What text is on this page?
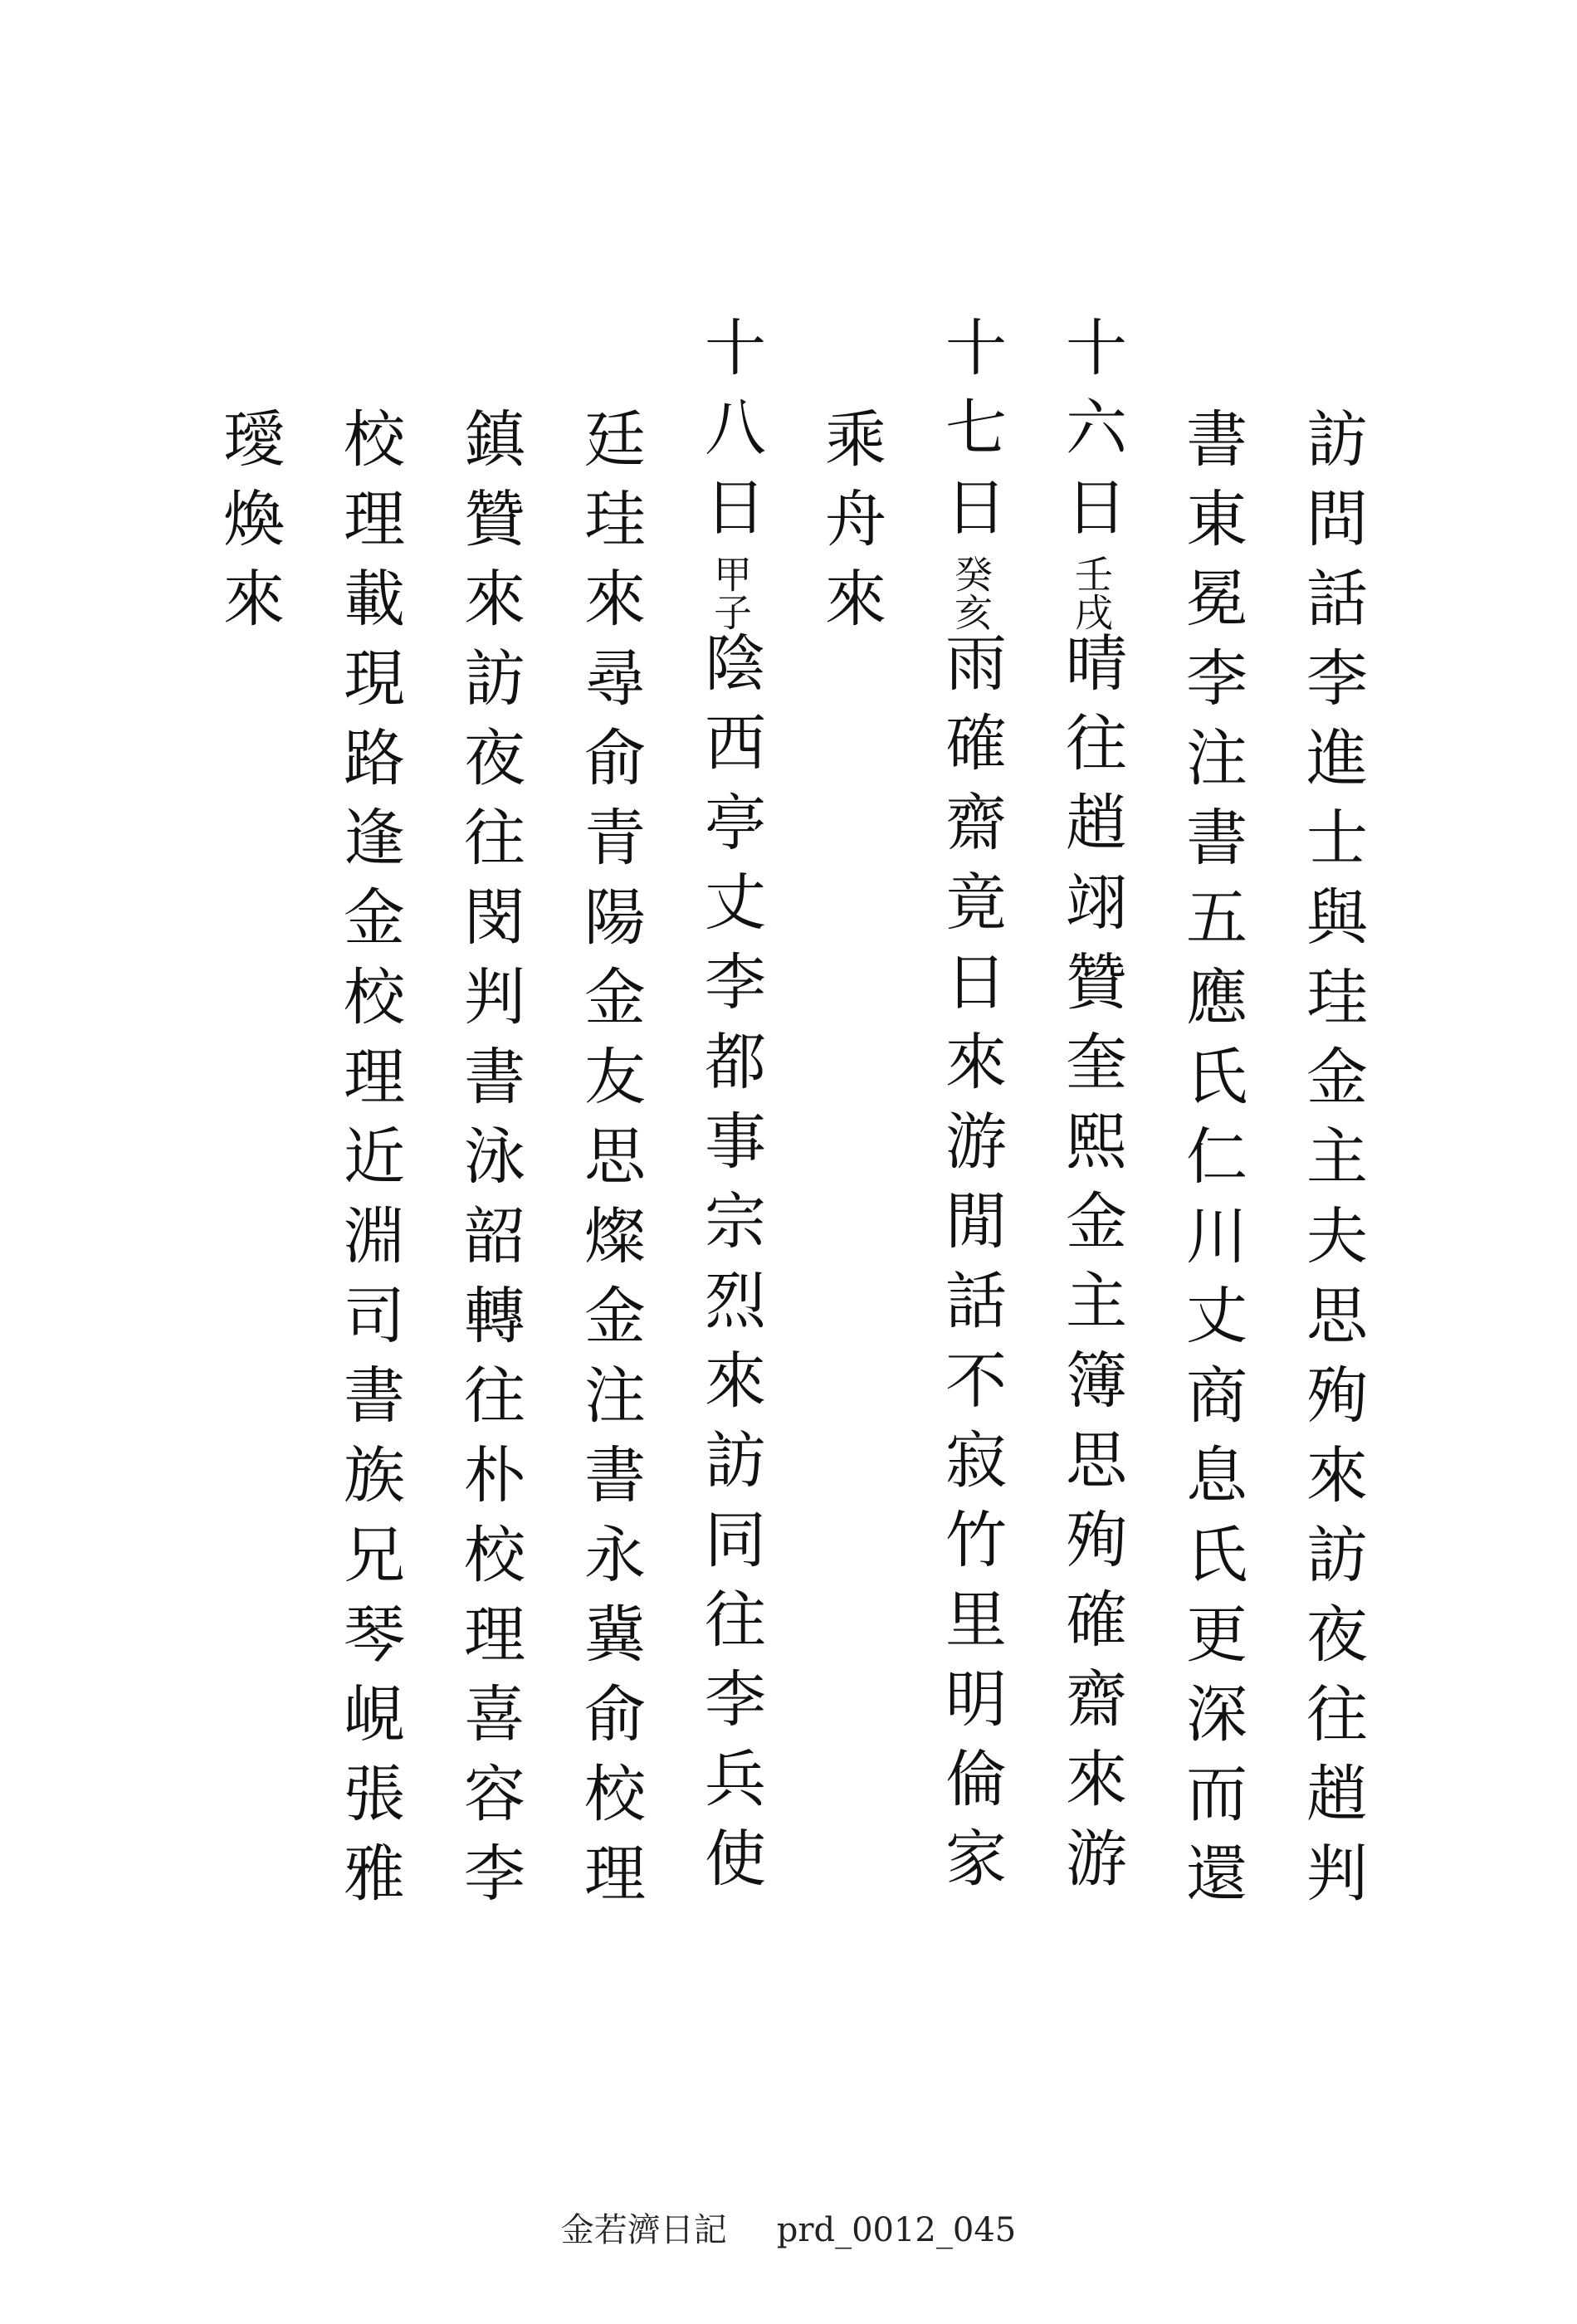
訪問話李進士與珪金主夫思殉來訪夜往趙判
書東冕李注書五應氏仁川丈商息氏更深而還
十六日壬戌晴往趙翊贊奎熙金主簿思殉確齋來游
十七日癸亥雨確齋竟日來游閒話不寂竹里明倫家
乘舟來
十八日甲子陰西亭丈李都事宗烈來訪同往李兵使
廷珪來尋俞青陽金友思燦金注書永冀俞校理
鎮贊來訪夜往閔判書泳韶轉往朴校理喜容李
校理載現路逢金校理近淵司書族兄琴峴張雅
璦煥來
金若濟日記 prd_0012_045
